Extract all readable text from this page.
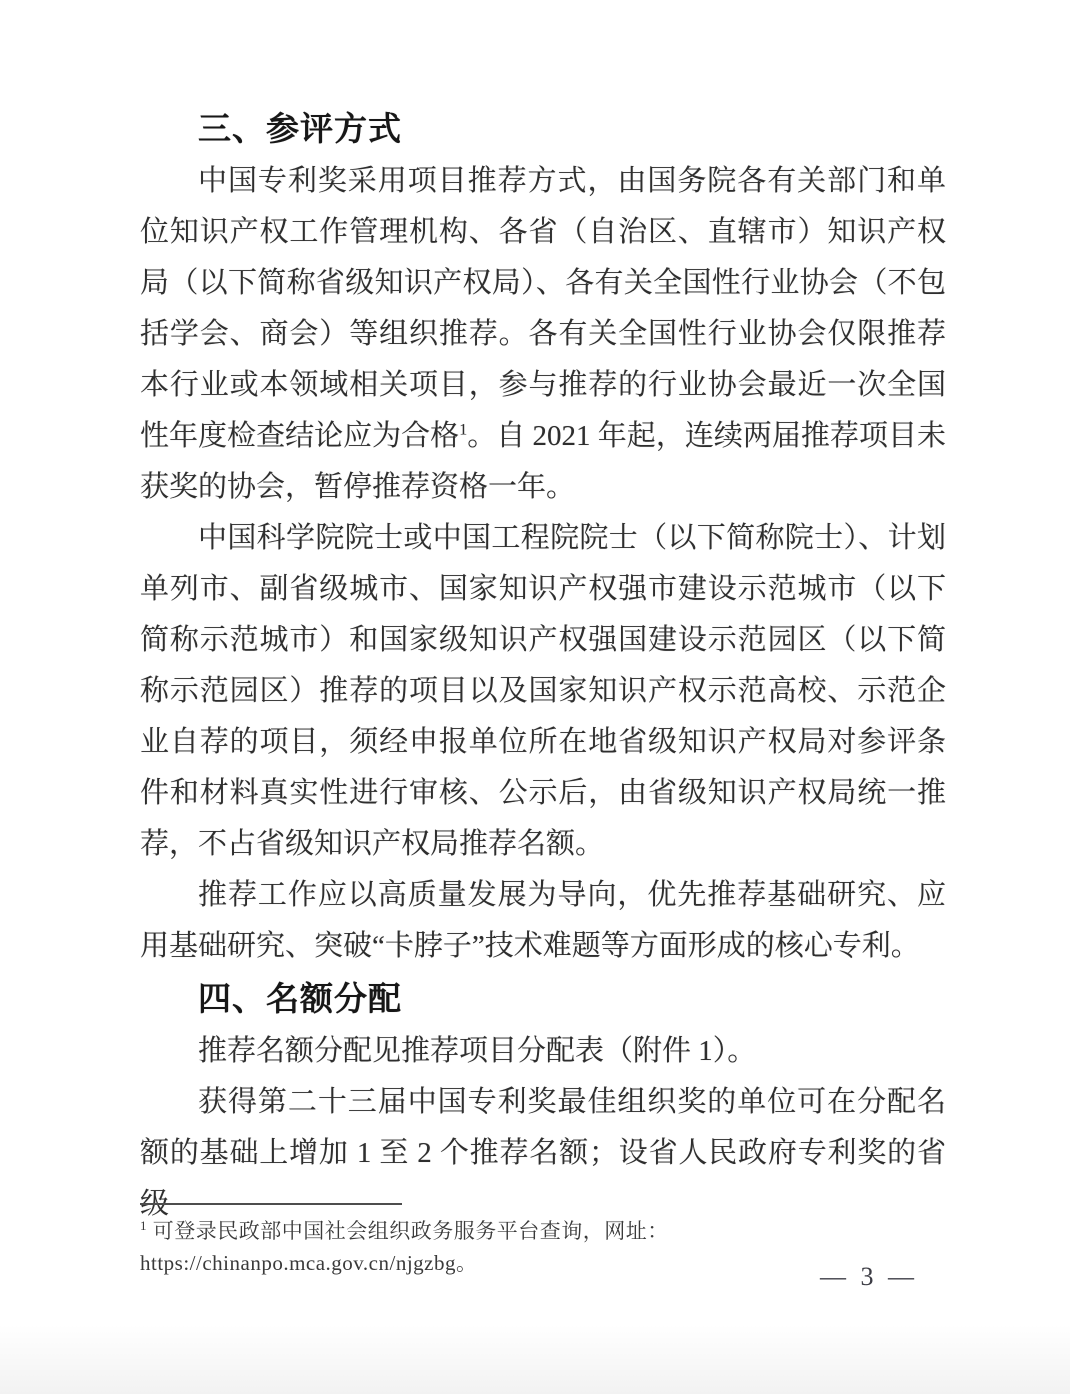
三、参评方式

中国专利奖采用项目推荐方式，由国务院各有关部门和单位知识产权工作管理机构、各省（自治区、直辖市）知识产权局（以下简称省级知识产权局）、各有关全国性行业协会（不包括学会、商会）等组织推荐。各有关全国性行业协会仅限推荐本行业或本领域相关项目，参与推荐的行业协会最近一次全国性年度检查结论应为合格$^1$。自 2021 年起，连续两届推荐项目未获奖的协会，暂停推荐资格一年。

中国科学院院士或中国工程院院士（以下简称院士）、计划单列市、副省级城市、国家知识产权强市建设示范城市（以下简称示范城市）和国家级知识产权强国建设示范园区（以下简称示范园区）推荐的项目以及国家知识产权示范高校、示范企业自荐的项目，须经申报单位所在地省级知识产权局对参评条件和材料真实性进行审核、公示后，由省级知识产权局统一推荐，不占省级知识产权局推荐名额。

推荐工作应以高质量发展为导向，优先推荐基础研究、应用基础研究、突破“卡脖子”技术难题等方面形成的核心专利。

四、名额分配

推荐名额分配见推荐项目分配表（附件 1）。

获得第二十三届中国专利奖最佳组织奖的单位可在分配名额的基础上增加 1 至 2 个推荐名额；设省人民政府专利奖的省级

$^1$ 可登录民政部中国社会组织政务服务平台查询，网址：https://chinanpo.mca.gov.cn/njgzbg。	— 3 —
